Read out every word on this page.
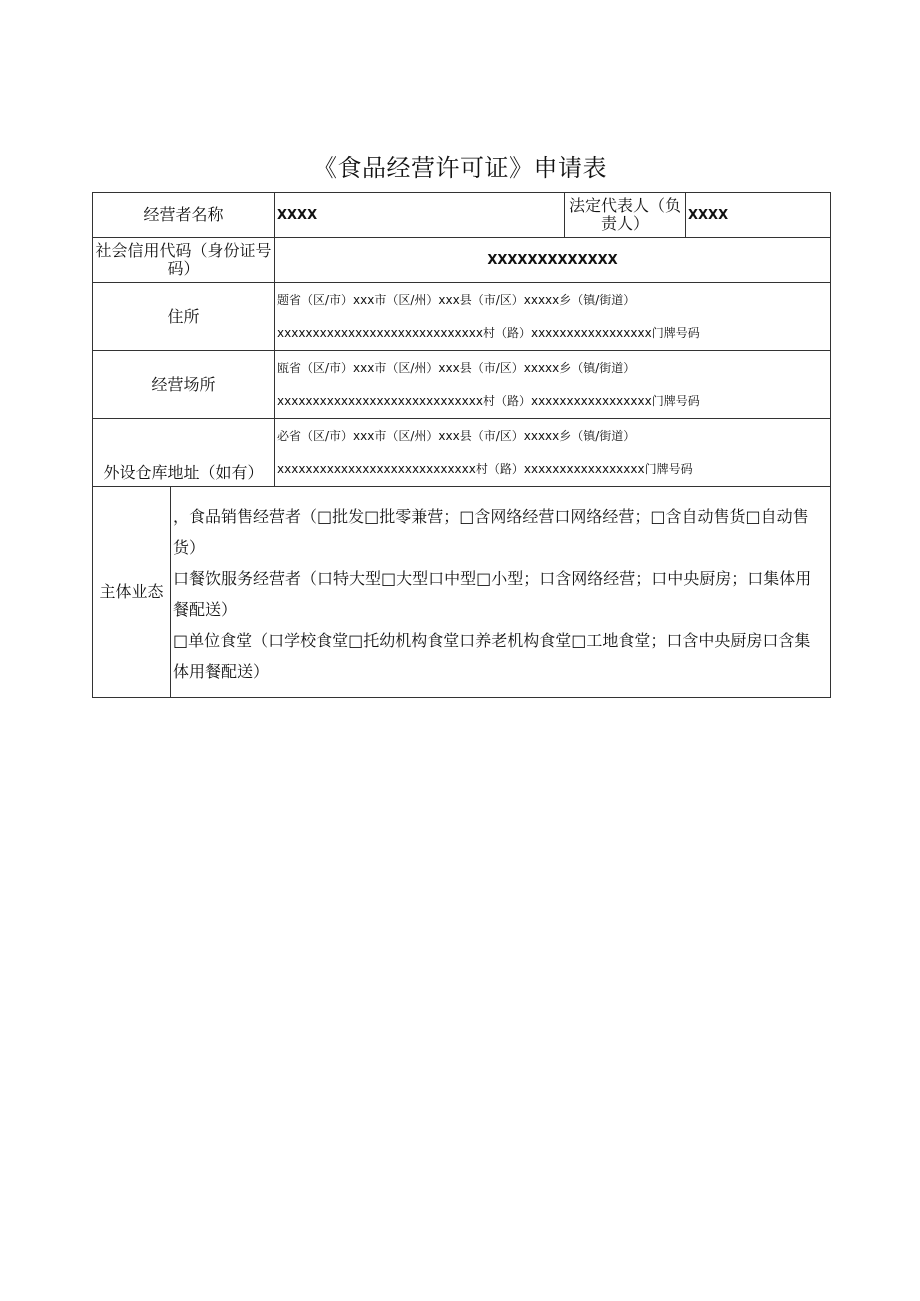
《食品经营许可证》申请表
经营者名称		XXXX	法定代表人（负责人）	XXXX
社会信用代码（身份证号码）		XXXXXXXXXXXXX		
住所		题省（区/市）xxx市（区/州）xxx县（市/区）xxxxx乡（镇/街道）
xxxxxxxxxxxxxxxxxxxxxxxxxxxxx村（路）xxxxxxxxxxxxxxxxx门牌号码		

经营场所		瓯省（区/市）xxx市（区/州）xxx县（市/区）xxxxx乡（镇/街道）
xxxxxxxxxxxxxxxxxxxxxxxxxxxxx村（路）xxxxxxxxxxxxxxxxx门牌号码		

外设仓库地址（如有）		必省（区/市）xxx市（区/州）xxx县（市/区）xxxxx乡（镇/街道）
xxxxxxxxxxxxxxxxxxxxxxxxxxxx村（路）xxxxxxxxxxxxxxxxx门牌号码		

主体业态	，食品销售经营者（□批发□批零兼营；□含网络经营口网络经营；□含自动售货□自动售货）

口餐饮服务经营者（口特大型□大型口中型□小型；口含网络经营；口中央厨房；口集体用餐配送）

□单位食堂（口学校食堂□托幼机构食堂口养老机构食堂□工地食堂；口含中央厨房口含集体用餐配送）			
